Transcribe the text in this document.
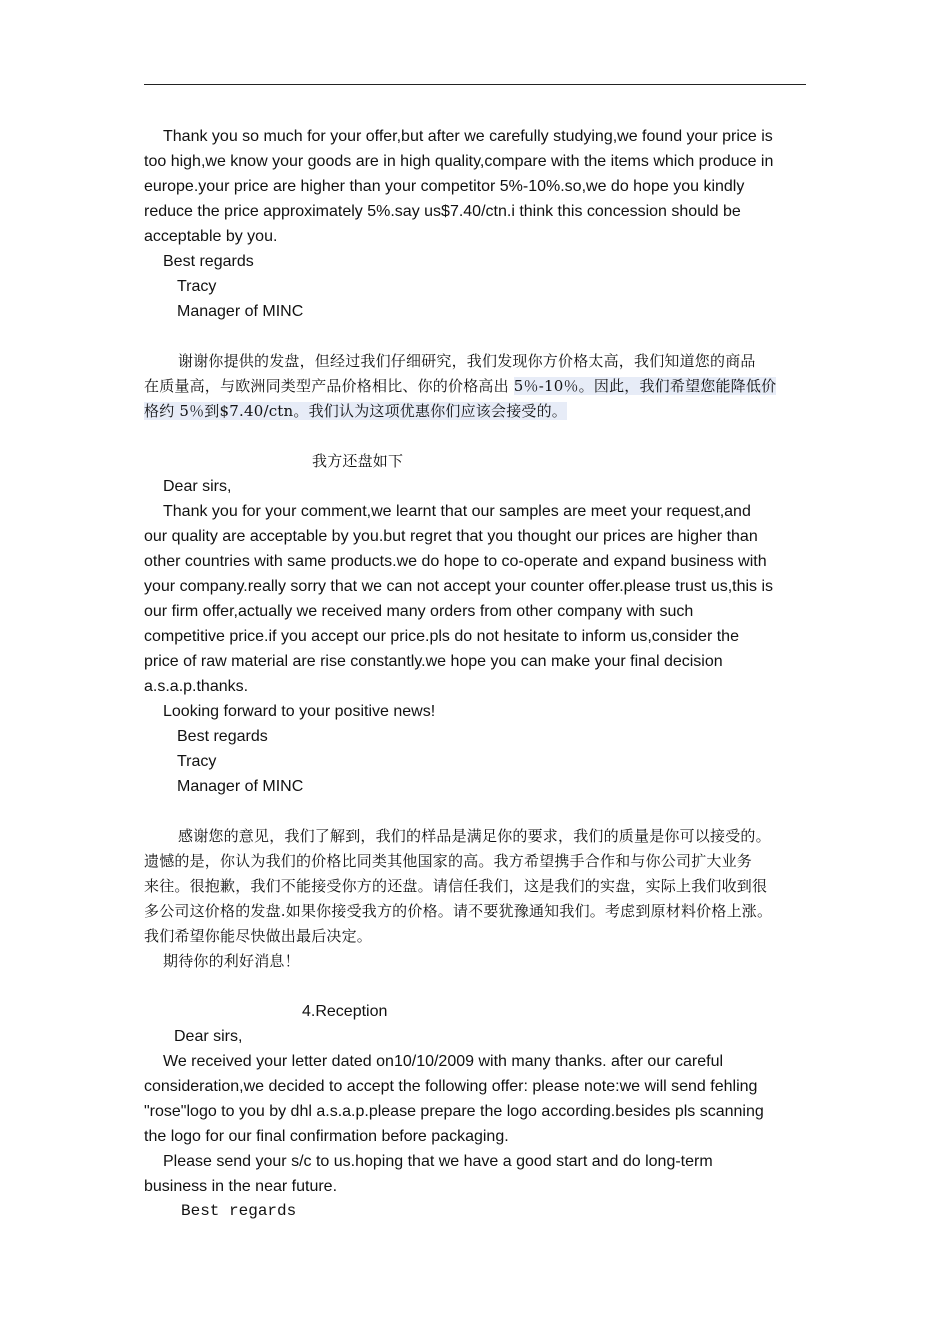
Thank you so much for your offer,but after we carefully studying,we found your price is
too high,we know your goods are in high quality,compare with the items which produce in
europe.your price are higher than your competitor 5%-10%.so,we do hope you kindly
reduce the price approximately 5%.say us$7.40/ctn.i think this concession should be
acceptable by you.
Best regards
Tracy
Manager of MINC
谢谢你提供的发盘，但经过我们仔细研究，我们发现你方价格太高，我们知道您的商品
在质量高，与欧洲同类型产品价格相比、你的价格高出 5％-10％。因此，我们希望您能降低价
格约 5％到$7.40/ctn。我们认为这项优惠你们应该会接受的。
我方还盘如下
Dear sirs,
Thank you for your comment,we learnt that our samples are meet your request,and
our quality are acceptable by you.but regret that you thought our prices are higher than
other countries with same products.we do hope to co-operate and expand business with
your company.really sorry that we can not accept your counter offer.please trust us,this is
our firm offer,actually we received many orders from other company with such
competitive price.if you accept our price.pls do not hesitate to inform us,consider the
price of raw material are rise constantly.we hope you can make your final decision
a.s.a.p.thanks.
Looking forward to your positive news!
Best regards
Tracy
Manager of MINC
感谢您的意见，我们了解到，我们的样品是满足你的要求，我们的质量是你可以接受的。
遗憾的是，你认为我们的价格比同类其他国家的高。我方希望携手合作和与你公司扩大业务
来往。很抱歉，我们不能接受你方的还盘。请信任我们，这是我们的实盘，实际上我们收到很
多公司这价格的发盘.如果你接受我方的价格。请不要犹豫通知我们。考虑到原材料价格上涨。
我们希望你能尽快做出最后决定。
期待你的利好消息！
4.Reception
Dear sirs,
We received your letter dated on10/10/2009 with many thanks. after our careful
consideration,we decided to accept the following offer: please note:we will send fehling
"rose"logo to you by dhl a.s.a.p.please prepare the logo according.besides pls scanning
the logo for our final confirmation before packaging.
Please send your s/c to us.hoping that we have a good start and do long-term
business in the near future.
Best regards
